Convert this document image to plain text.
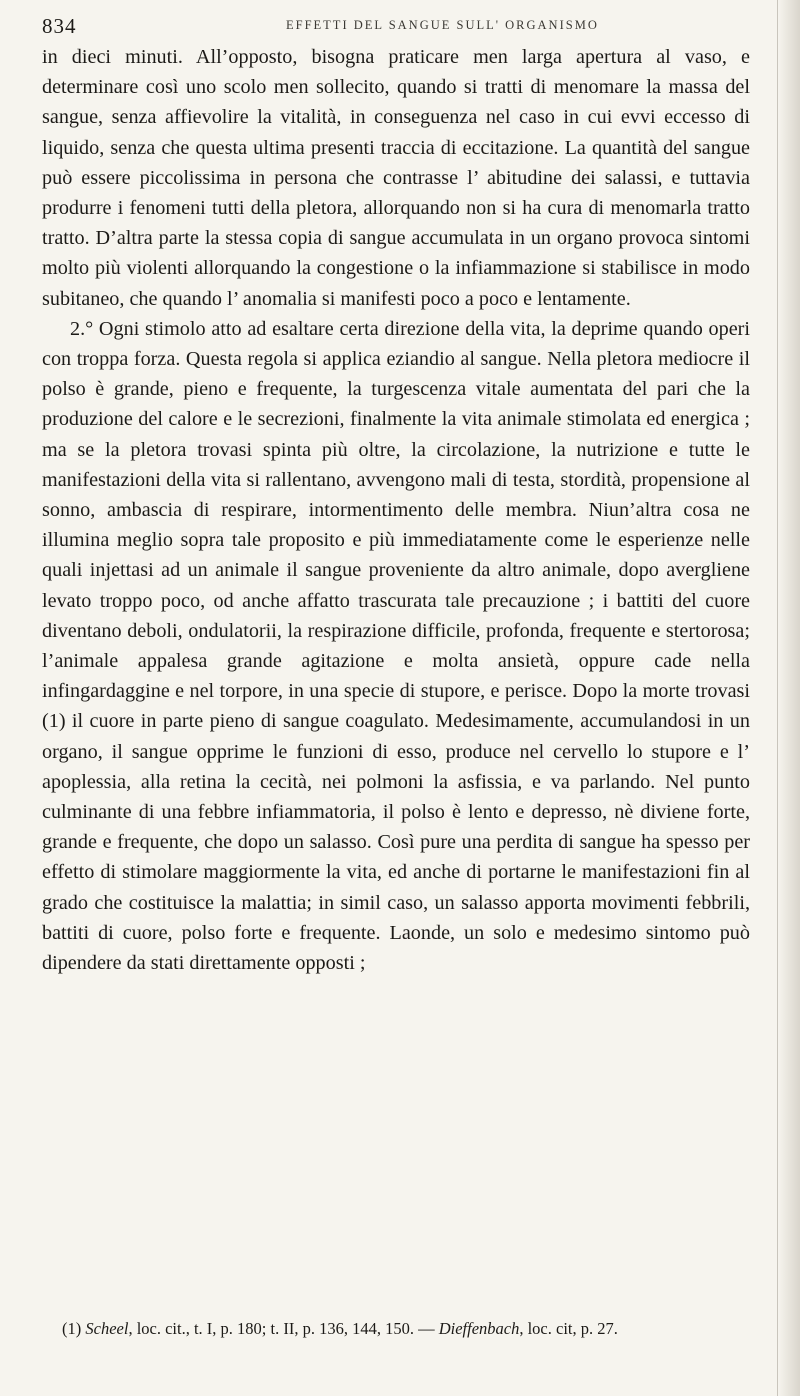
834	EFFETTI DEL SANGUE SULL' ORGANISMO

in dieci minuti. All’opposto, bisogna praticare men larga apertura al vaso, e determinare così uno scolo men sollecito, quando si tratti di menomare la massa del sangue, senza affievolire la vitalità, in conseguenza nel caso in cui evvi eccesso di liquido, senza che questa ultima presenti traccia di eccitazione. La quantità del sangue può essere piccolissima in persona che contrasse l’ abitudine dei salassi, e tuttavia produrre i fenomeni tutti della pletora, allorquando non si ha cura di menomarla tratto tratto. D’altra parte la stessa copia di sangue accumulata in un organo provoca sintomi molto più violenti allorquando la congestione o la infiammazione si stabilisce in modo subitaneo, che quando l’ anomalia si manifesti poco a poco e lentamente.

2.° Ogni stimolo atto ad esaltare certa direzione della vita, la deprime quando operi con troppa forza. Questa regola si applica eziandio al sangue. Nella pletora mediocre il polso è grande, pieno e frequente, la turgescenza vitale aumentata del pari che la produzione del calore e le secrezioni, finalmente la vita animale stimolata ed energica ; ma se la pletora trovasi spinta più oltre, la circolazione, la nutrizione e tutte le manifestazioni della vita si rallentano, avvengono mali di testa, stordità, propensione al sonno, ambascia di respirare, intormentimento delle membra. Niun’altra cosa ne illumina meglio sopra tale proposito e più immediatamente come le esperienze nelle quali injettasi ad un animale il sangue proveniente da altro animale, dopo avergliene levato troppo poco, od anche affatto trascurata tale precauzione ; i battiti del cuore diventano deboli, ondulatorii, la respirazione difficile, profonda, frequente e stertorosa; l’animale appalesa grande agitazione e molta ansietà, oppure cade nella infingardaggine e nel torpore, in una specie di stupore, e perisce. Dopo la morte trovasi (1) il cuore in parte pieno di sangue coagulato. Medesimamente, accumulandosi in un organo, il sangue opprime le funzioni di esso, produce nel cervello lo stupore e l’ apoplessia, alla retina la cecità, nei polmoni la asfissia, e va parlando. Nel punto culminante di una febbre infiammatoria, il polso è lento e depresso, nè diviene forte, grande e frequente, che dopo un salasso. Così pure una perdita di sangue ha spesso per effetto di stimolare maggiormente la vita, ed anche di portarne le manifestazioni fin al grado che costituisce la malattia; in simil caso, un salasso apporta movimenti febbrili, battiti di cuore, polso forte e frequente. Laonde, un solo e medesimo sintomo può dipendere da stati direttamente opposti ;

(1) Scheel, loc. cit., t. I, p. 180; t. II, p. 136, 144, 150. — Dieffenbach, loc. cit, p. 27.
